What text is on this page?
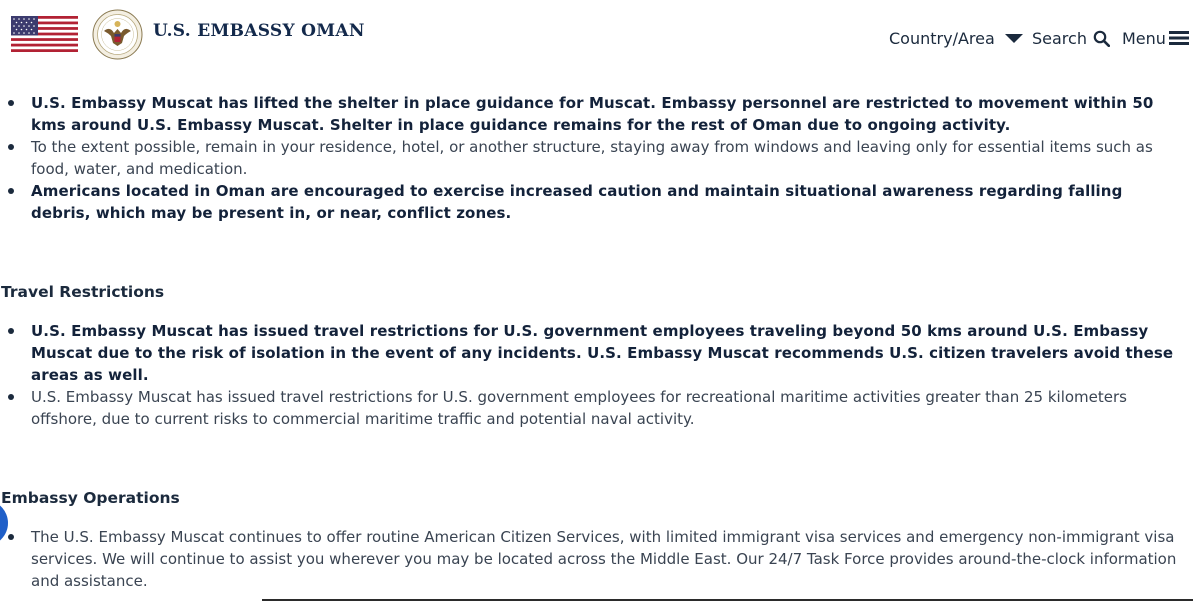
U.S. EMBASSY OMAN	Country/Area Search Menu
U.S. Embassy Muscat has lifted the shelter in place guidance for Muscat. Embassy personnel are restricted to movement within 50 kms around U.S. Embassy Muscat. Shelter in place guidance remains for the rest of Oman due to ongoing activity.
To the extent possible, remain in your residence, hotel, or another structure, staying away from windows and leaving only for essential items such as food, water, and medication.
Americans located in Oman are encouraged to exercise increased caution and maintain situational awareness regarding falling debris, which may be present in, or near, conflict zones.
Travel Restrictions
U.S. Embassy Muscat has issued travel restrictions for U.S. government employees traveling beyond 50 kms around U.S. Embassy Muscat due to the risk of isolation in the event of any incidents. U.S. Embassy Muscat recommends U.S. citizen travelers avoid these areas as well.
U.S. Embassy Muscat has issued travel restrictions for U.S. government employees for recreational maritime activities greater than 25 kilometers offshore, due to current risks to commercial maritime traffic and potential naval activity.
Embassy Operations
The U.S. Embassy Muscat continues to offer routine American Citizen Services, with limited immigrant visa services and emergency non-immigrant visa services. We will continue to assist you wherever you may be located across the Middle East. Our 24/7 Task Force provides around-the-clock information and assistance.
